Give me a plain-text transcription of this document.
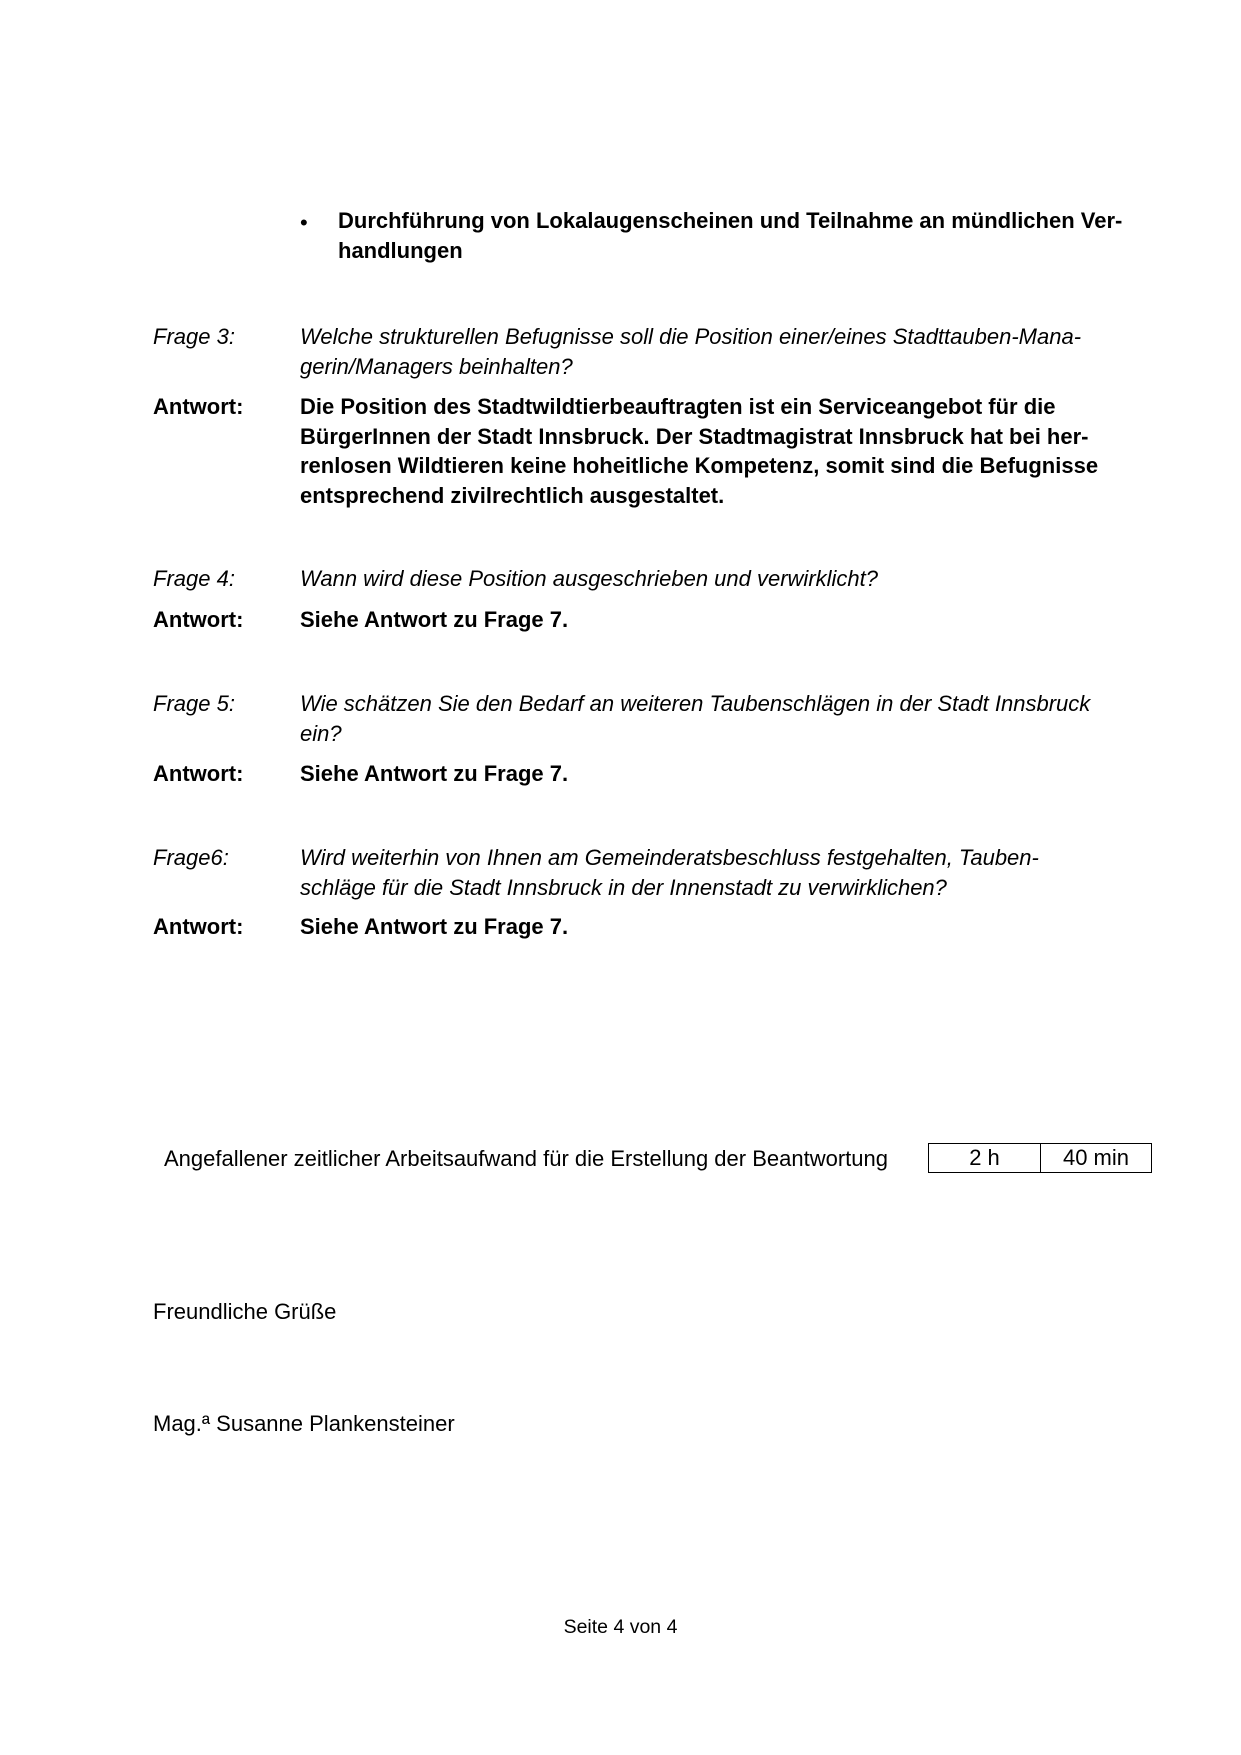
• Durchführung von Lokalaugenscheinen und Teilnahme an mündlichen Ver-
handlungen
Frage 3:	Welche strukturellen Befugnisse soll die Position einer/eines Stadttauben-Mana-
gerin/Managers beinhalten?
Antwort:	Die Position des Stadtwildtierbeauftragten ist ein Serviceangebot für die
BürgerInnen der Stadt Innsbruck. Der Stadtmagistrat Innsbruck hat bei her-
renlosen Wildtieren keine hoheitliche Kompetenz, somit sind die Befugnisse
entsprechend zivilrechtlich ausgestaltet.
Frage 4:	Wann wird diese Position ausgeschrieben und verwirklicht?
Antwort:	Siehe Antwort zu Frage 7.
Frage 5:	Wie schätzen Sie den Bedarf an weiteren Taubenschlägen in der Stadt Innsbruck
ein?
Antwort:	Siehe Antwort zu Frage 7.
Frage6:	Wird weiterhin von Ihnen am Gemeinderatsbeschluss festgehalten, Tauben-
schläge für die Stadt Innsbruck in der Innenstadt zu verwirklichen?
Antwort:	Siehe Antwort zu Frage 7.
Angefallener zeitlicher Arbeitsaufwand für die Erstellung der Beantwortung	2 h	40 min
Freundliche Grüße
Mag.ª Susanne Plankensteiner
Seite 4 von 4
